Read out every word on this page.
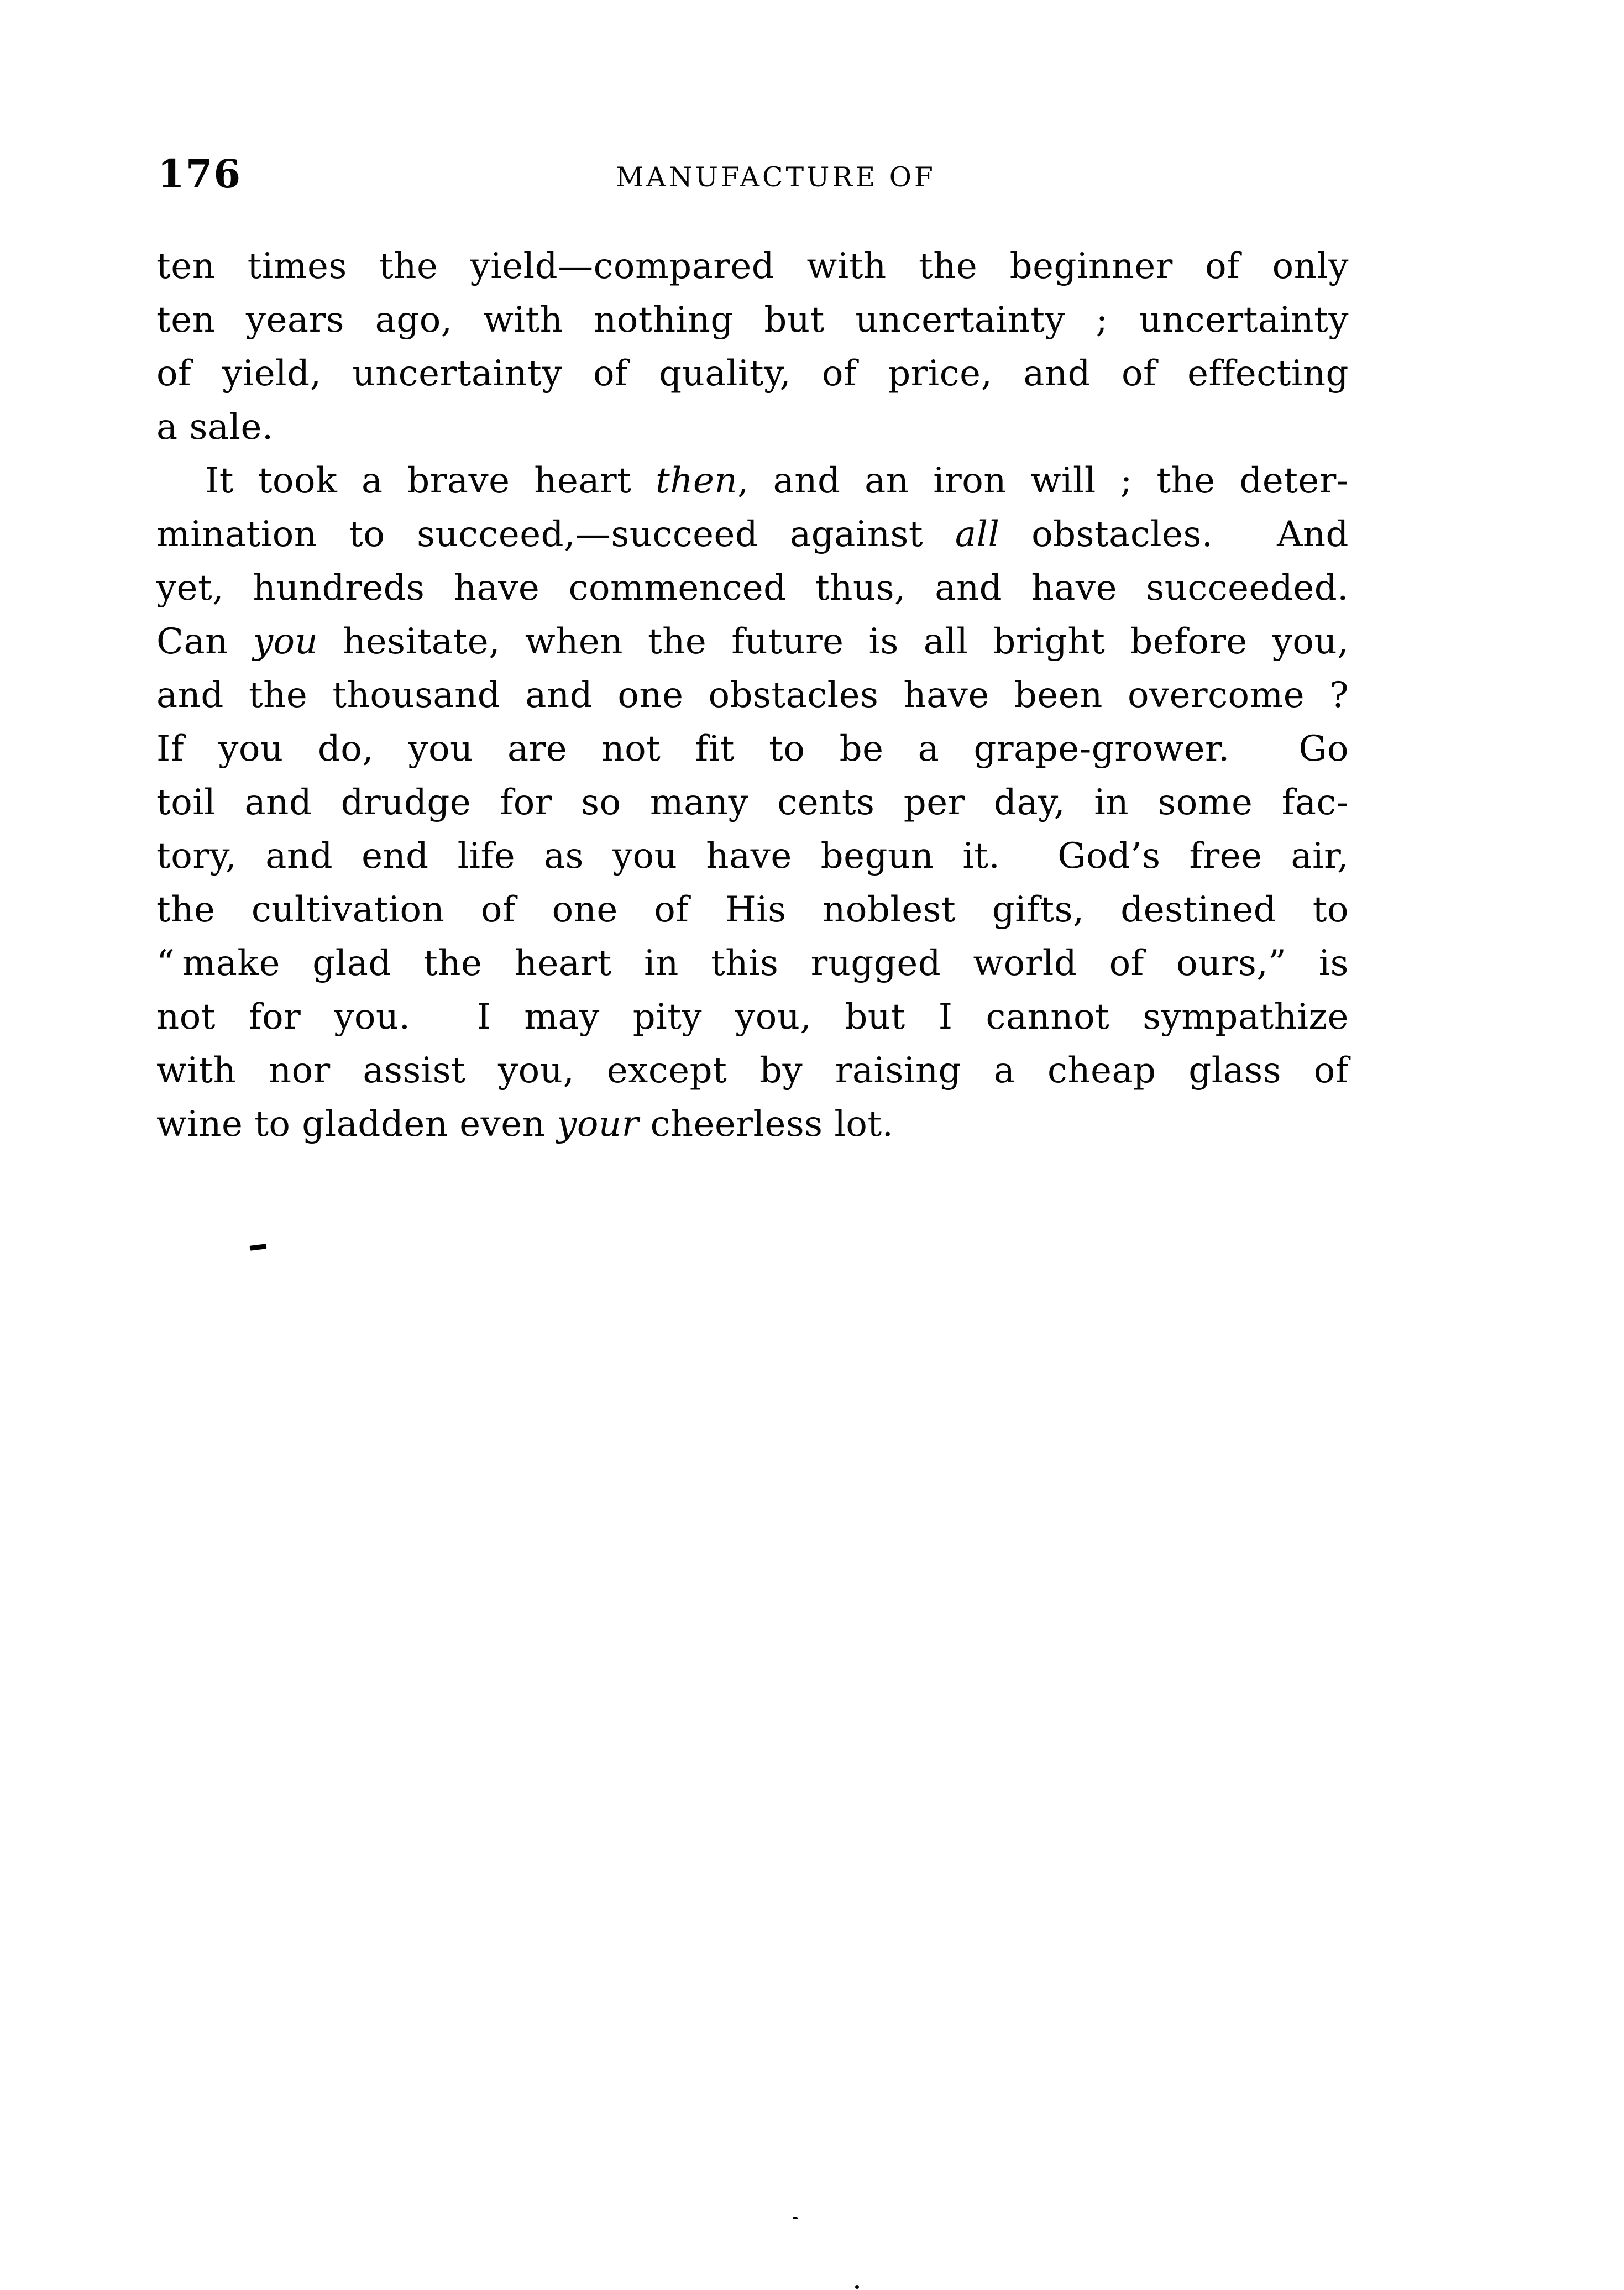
176	MANUFACTURE OF

ten times the yield—compared with the beginner of only
ten years ago, with nothing but uncertainty ; uncertainty
of yield, uncertainty of quality, of price, and of effecting
a sale.

It took a brave heart then, and an iron will ; the deter-
mination to succeed,—succeed against all obstacles.  And
yet, hundreds have commenced thus, and have succeeded.
Can you hesitate, when the future is all bright before you,
and the thousand and one obstacles have been overcome ?
If you do, you are not fit to be a grape-grower.  Go
toil and drudge for so many cents per day, in some fac-
tory, and end life as you have begun it.  God’s free air,
the cultivation of one of His noblest gifts, destined to
“ make glad the heart in this rugged world of ours,” is
not for you.  I may pity you, but I cannot sympathize
with nor assist you, except by raising a cheap glass of
wine to gladden even your cheerless lot.
